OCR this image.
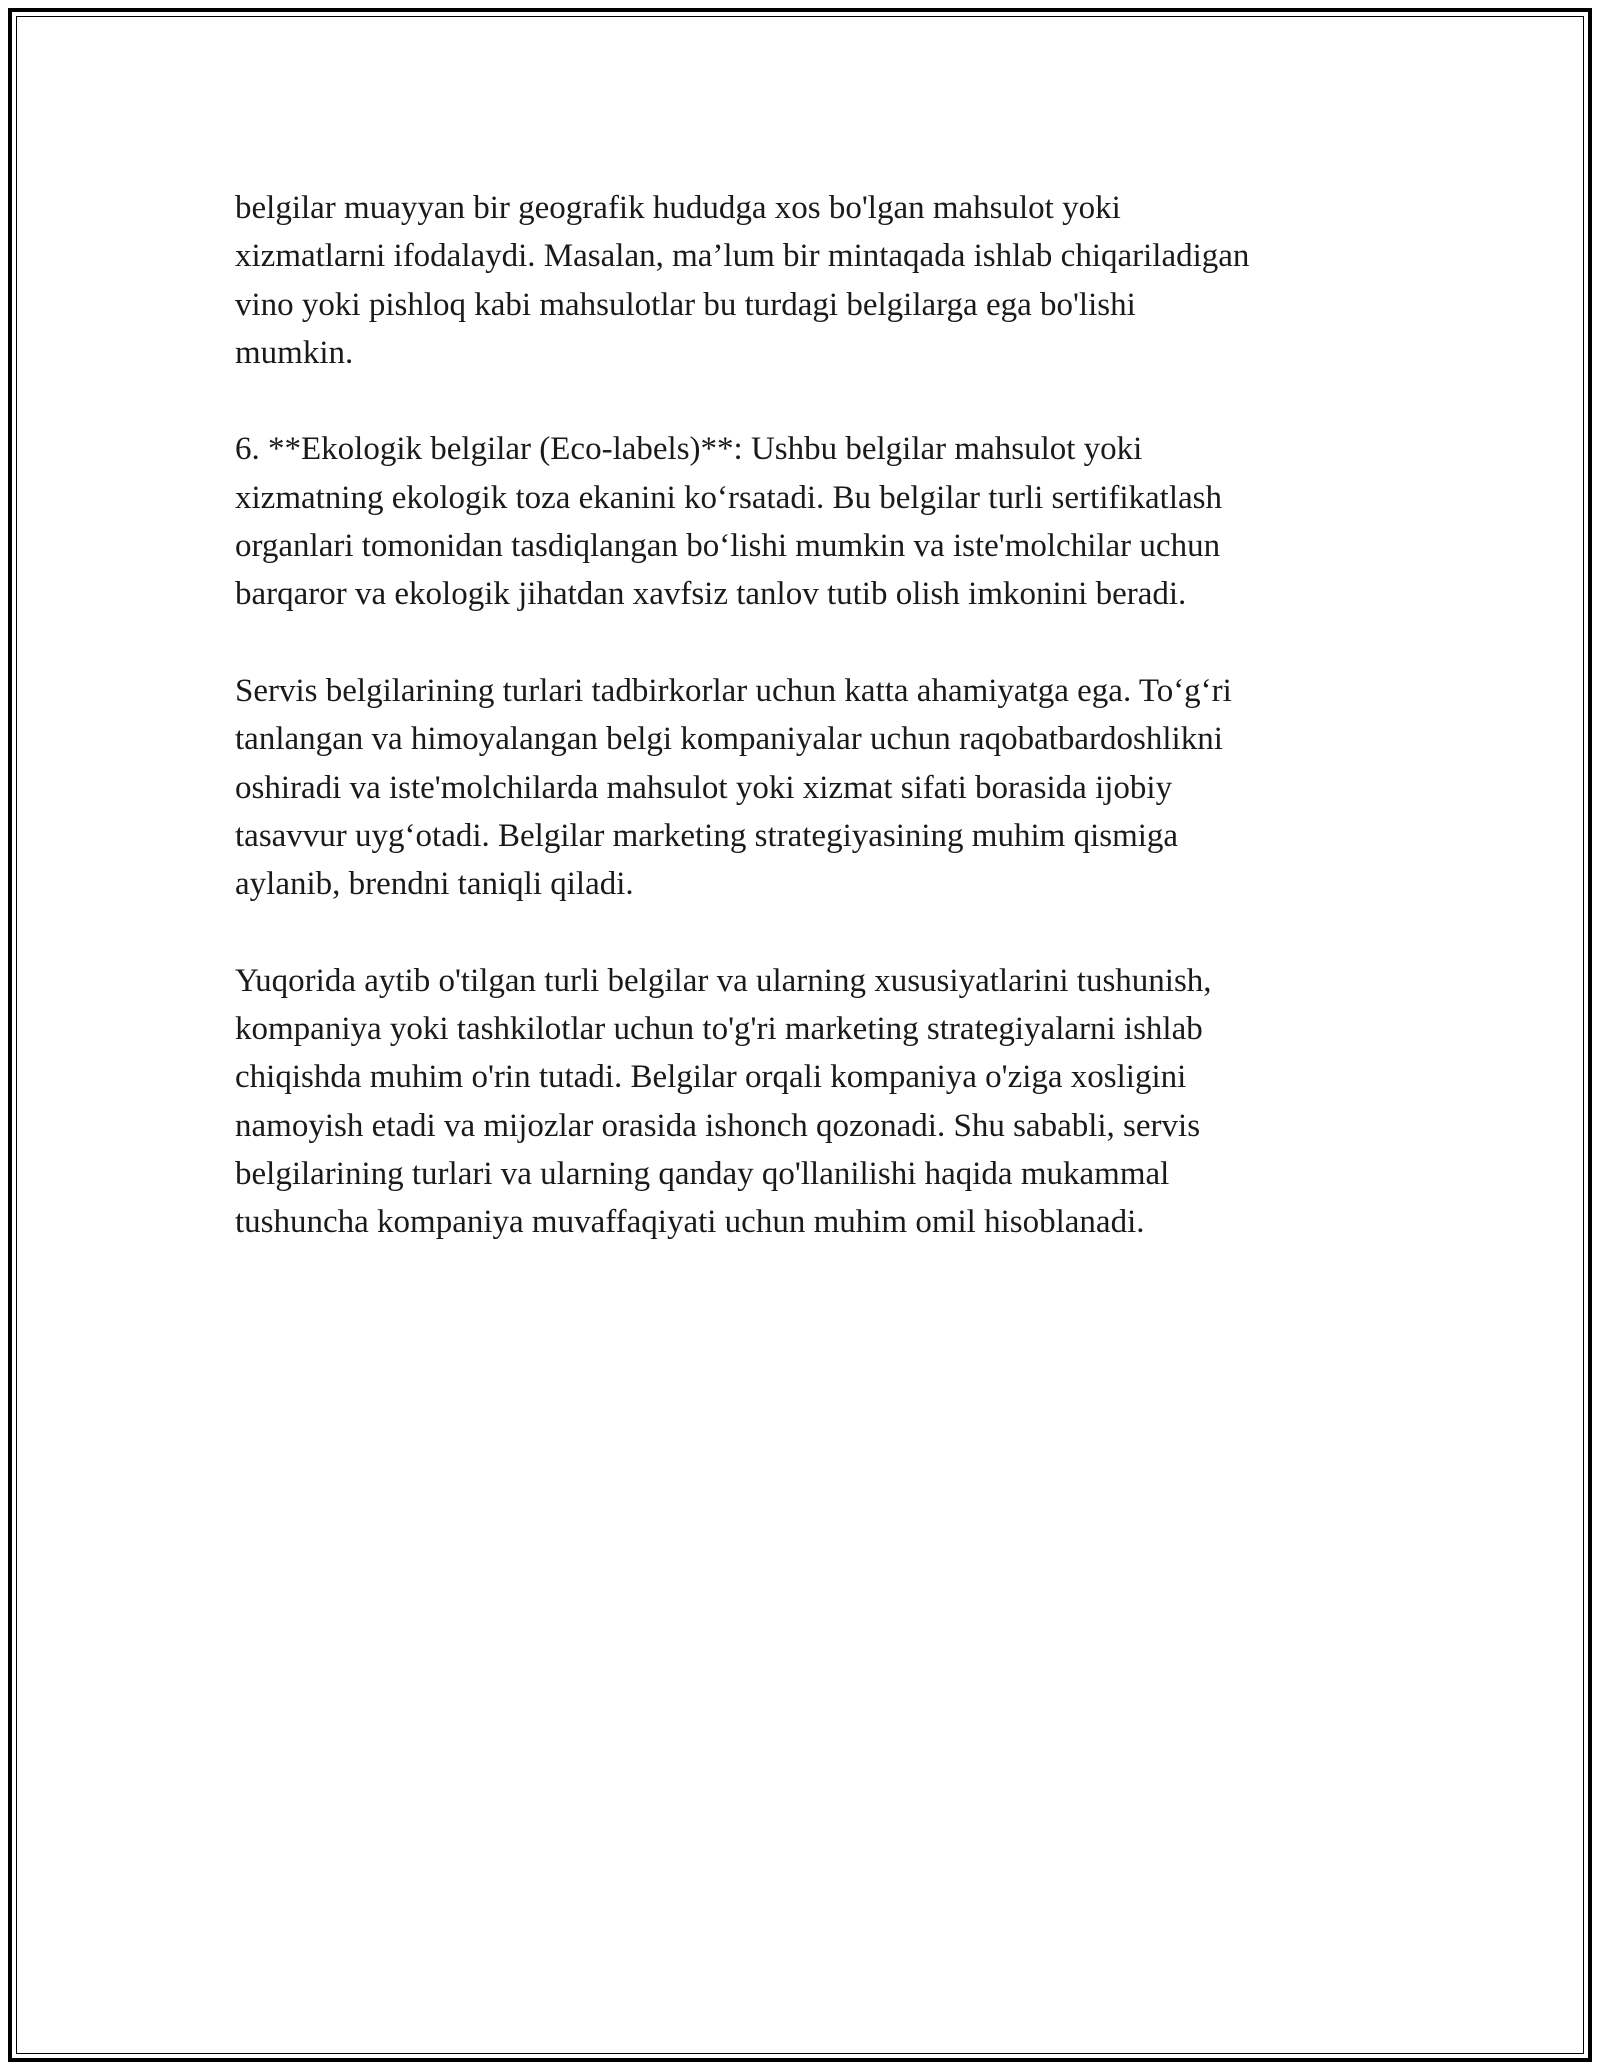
belgilar muayyan bir geografik hududga xos bo'lgan mahsulot yoki
xizmatlarni ifodalaydi. Masalan, ma’lum bir mintaqada ishlab chiqariladigan
vino yoki pishloq kabi mahsulotlar bu turdagi belgilarga ega bo'lishi
mumkin.

6. **Ekologik belgilar (Eco-labels)**: Ushbu belgilar mahsulot yoki
xizmatning ekologik toza ekanini koʻrsatadi. Bu belgilar turli sertifikatlash
organlari tomonidan tasdiqlangan boʻlishi mumkin va iste'molchilar uchun
barqaror va ekologik jihatdan xavfsiz tanlov tutib olish imkonini beradi.

Servis belgilarining turlari tadbirkorlar uchun katta ahamiyatga ega. Toʻgʻri
tanlangan va himoyalangan belgi kompaniyalar uchun raqobatbardoshlikni
oshiradi va iste'molchilarda mahsulot yoki xizmat sifati borasida ijobiy
tasavvur uygʻotadi. Belgilar marketing strategiyasining muhim qismiga
aylanib, brendni taniqli qiladi.

Yuqorida aytib o'tilgan turli belgilar va ularning xususiyatlarini tushunish,
kompaniya yoki tashkilotlar uchun to'g'ri marketing strategiyalarni ishlab
chiqishda muhim o'rin tutadi. Belgilar orqali kompaniya o'ziga xosligini
namoyish etadi va mijozlar orasida ishonch qozonadi. Shu sababli, servis
belgilarining turlari va ularning qanday qo'llanilishi haqida mukammal
tushuncha kompaniya muvaffaqiyati uchun muhim omil hisoblanadi.
